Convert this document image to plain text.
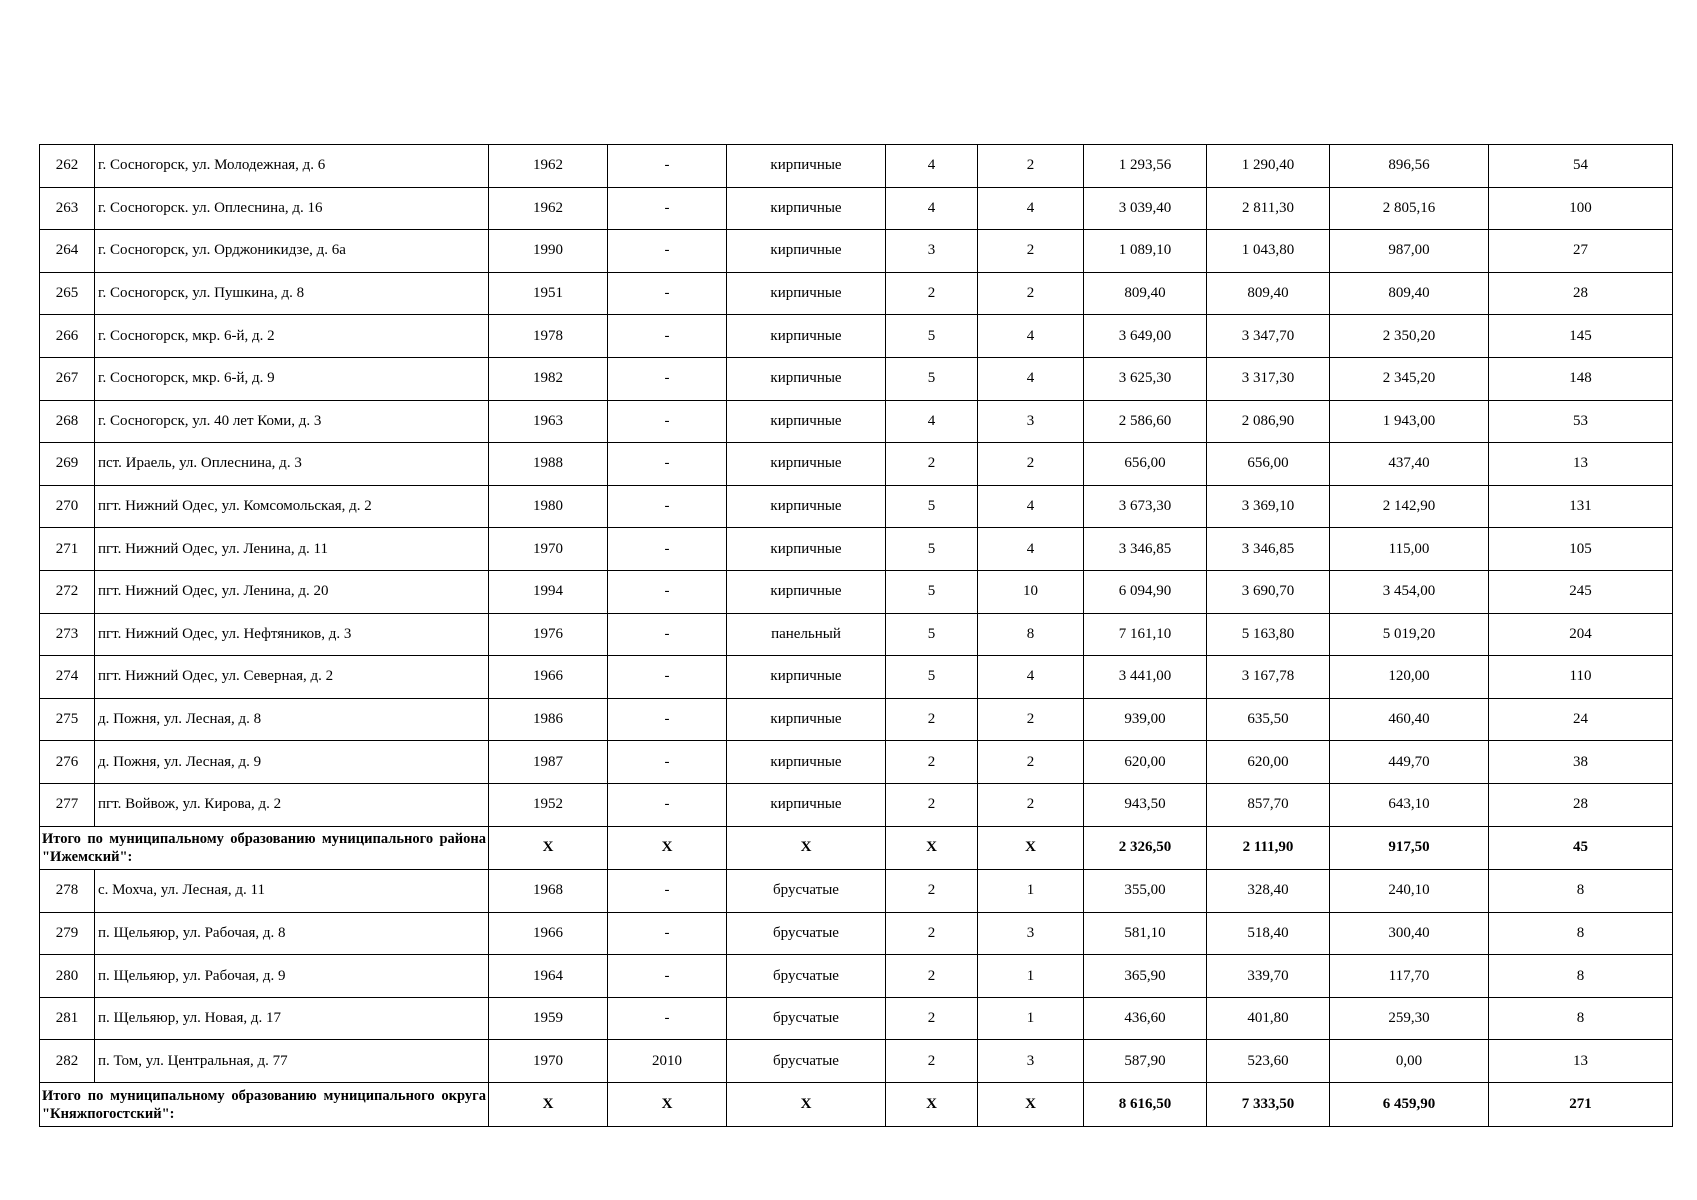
262	г. Сосногорск, ул. Молодежная, д. 6	1962	-	кирпичные	4	2	1 293,56	1 290,40	896,56	54
263	г. Сосногорск. ул. Оплеснина, д. 16	1962	-	кирпичные	4	4	3 039,40	2 811,30	2 805,16	100
264	г. Сосногорск, ул. Орджоникидзе, д. 6а	1990	-	кирпичные	3	2	1 089,10	1 043,80	987,00	27
265	г. Сосногорск, ул. Пушкина, д. 8	1951	-	кирпичные	2	2	809,40	809,40	809,40	28
266	г. Сосногорск, мкр. 6-й, д. 2	1978	-	кирпичные	5	4	3 649,00	3 347,70	2 350,20	145
267	г. Сосногорск, мкр. 6-й, д. 9	1982	-	кирпичные	5	4	3 625,30	3 317,30	2 345,20	148
268	г. Сосногорск, ул. 40 лет Коми, д. 3	1963	-	кирпичные	4	3	2 586,60	2 086,90	1 943,00	53
269	пст. Ираель, ул. Оплеснина, д. 3	1988	-	кирпичные	2	2	656,00	656,00	437,40	13
270	пгт. Нижний Одес, ул. Комсомольская, д. 2	1980	-	кирпичные	5	4	3 673,30	3 369,10	2 142,90	131
271	пгт. Нижний Одес, ул. Ленина, д. 11	1970	-	кирпичные	5	4	3 346,85	3 346,85	115,00	105
272	пгт. Нижний Одес, ул. Ленина, д. 20	1994	-	кирпичные	5	10	6 094,90	3 690,70	3 454,00	245
273	пгт. Нижний Одес, ул. Нефтяников, д. 3	1976	-	панельный	5	8	7 161,10	5 163,80	5 019,20	204
274	пгт. Нижний Одес, ул. Северная, д. 2	1966	-	кирпичные	5	4	3 441,00	3 167,78	120,00	110
275	д. Пожня, ул. Лесная, д. 8	1986	-	кирпичные	2	2	939,00	635,50	460,40	24
276	д. Пожня, ул. Лесная, д. 9	1987	-	кирпичные	2	2	620,00	620,00	449,70	38
277	пгт. Войвож, ул. Кирова, д. 2	1952	-	кирпичные	2	2	943,50	857,70	643,10	28
Итого по муниципальному образованию муниципального района "Ижемский":		X	X	X	X	X	2 326,50	2 111,90	917,50	45
278	с. Мохча, ул. Лесная, д. 11	1968	-	брусчатые	2	1	355,00	328,40	240,10	8
279	п. Щельяюр, ул. Рабочая, д. 8	1966	-	брусчатые	2	3	581,10	518,40	300,40	8
280	п. Щельяюр, ул. Рабочая, д. 9	1964	-	брусчатые	2	1	365,90	339,70	117,70	8
281	п. Щельяюр, ул. Новая, д. 17	1959	-	брусчатые	2	1	436,60	401,80	259,30	8
282	п. Том, ул. Центральная, д. 77	1970	2010	брусчатые	2	3	587,90	523,60	0,00	13
Итого по муниципальному образованию муниципального округа "Княжпогостский":		X	X	X	X	X	8 616,50	7 333,50	6 459,90	271
